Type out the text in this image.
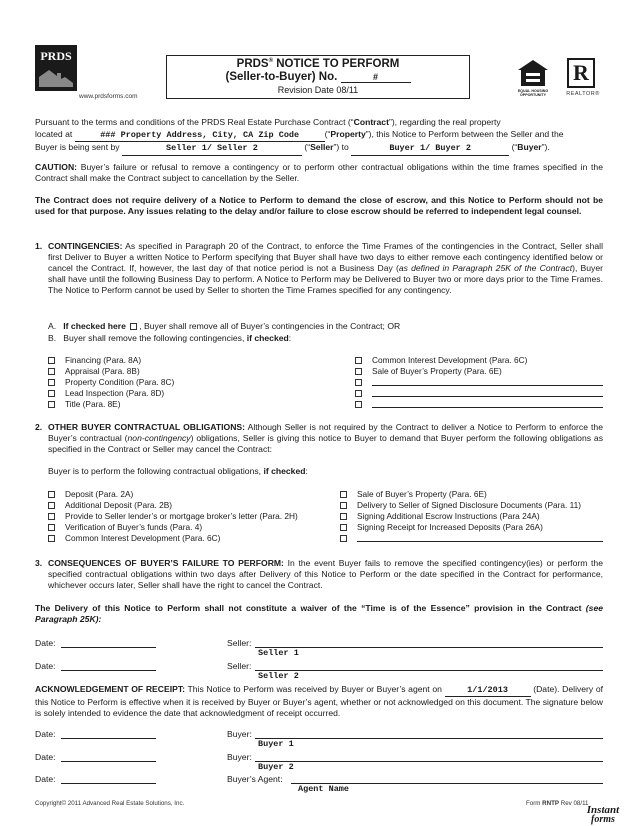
PRDS
www.prdsforms.com
PRDS® NOTICE TO PERFORM
(Seller-to-Buyer) No.	#
Revision Date 08/11	EQUAL HOUSING OPPORTUNITY
R
REALTOR®
Pursuant to the terms and conditions of the PRDS Real Estate Purchase Contract (“Contract”), regarding the real property
located at	### Property Address, City, CA Zip Code	(“Property”), this Notice to Perform between the Seller and the
Buyer is being sent by	Seller 1/ Seller 2	(“Seller”) to	Buyer 1/ Buyer 2	(“Buyer”).
CAUTION: Buyer’s failure or refusal to remove a contingency or to perform other contractual obligations within the time frames specified in the Contract shall make the Contract subject to cancellation by the Seller.
The Contract does not require delivery of a Notice to Perform to demand the close of escrow, and this Notice to Perform should not be used for that purpose. Any issues relating to the delay and/or failure to close escrow should be referred to independent legal counsel.
1. CONTINGENCIES: As specified in Paragraph 20 of the Contract, to enforce the Time Frames of the contingencies in the Contract, Seller shall first Deliver to Buyer a written Notice to Perform specifying that Buyer shall have two days to either remove each contingency identified below or cancel the Contract. If, however, the last day of that notice period is not a Business Day (as defined in Paragraph 25K of the Contract), Buyer shall have until the following Business Day to perform. A Notice to Perform may be Delivered to Buyer two or more days prior to the Time Frames. The Notice to Perform cannot be used by Seller to shorten the Time Frames specified for any contingency.
A. If checked here , Buyer shall remove all of Buyer’s contingencies in the Contract; OR
B. Buyer shall remove the following contingencies, if checked:
Financing (Para. 8A)
Appraisal (Para. 8B)
Property Condition (Para. 8C)
Lead Inspection (Para. 8D)
Title (Para. 8E)
Common Interest Development (Para. 6C)
Sale of Buyer’s Property (Para. 6E)
2. OTHER BUYER CONTRACTUAL OBLIGATIONS: Although Seller is not required by the Contract to deliver a Notice to Perform to enforce the Buyer’s contractual (non-contingency) obligations, Seller is giving this notice to Buyer to demand that Buyer perform the following obligations as specified in the Contract or Seller may cancel the Contract:
Buyer is to perform the following contractual obligations, if checked:
Deposit (Para. 2A)
Additional Deposit (Para. 2B)
Provide to Seller lender’s or mortgage broker’s letter (Para. 2H)
Verification of Buyer’s funds (Para. 4)
Common Interest Development (Para. 6C)
Sale of Buyer’s Property (Para. 6E)
Delivery to Seller of Signed Disclosure Documents (Para. 11)
Signing Additional Escrow Instructions (Para 24A)
Signing Receipt for Increased Deposits (Para 26A)
3. CONSEQUENCES OF BUYER’S FAILURE TO PERFORM: In the event Buyer fails to remove the specified contingency(ies) or perform the specified contractual obligations within two days after Delivery of this Notice to Perform or the date specified in the Contract for performance, whichever occurs later, Seller shall have the right to cancel the Contract.
The Delivery of this Notice to Perform shall not constitute a waiver of the “Time is of the Essence” provision in the Contract (see Paragraph 25K):
Date:	Seller:
Seller 1
Date:	Seller:
Seller 2
ACKNOWLEDGEMENT OF RECEIPT: This Notice to Perform was received by Buyer or Buyer’s agent on	1/1/2013	(Date). Delivery of this Notice to Perform is effective when it is received by Buyer or Buyer’s agent, whether or not acknowledged on this document. The signature below is solely intended to evidence the date that acknowledgment of receipt occurred.
Date:	Buyer:
Buyer 1
Date:	Buyer:
Buyer 2
Date:	Buyer’s Agent:
Agent Name
Copyright© 2011 Advanced Real Estate Solutions, Inc.	Form RNTP Rev 08/11
Instant
forms
